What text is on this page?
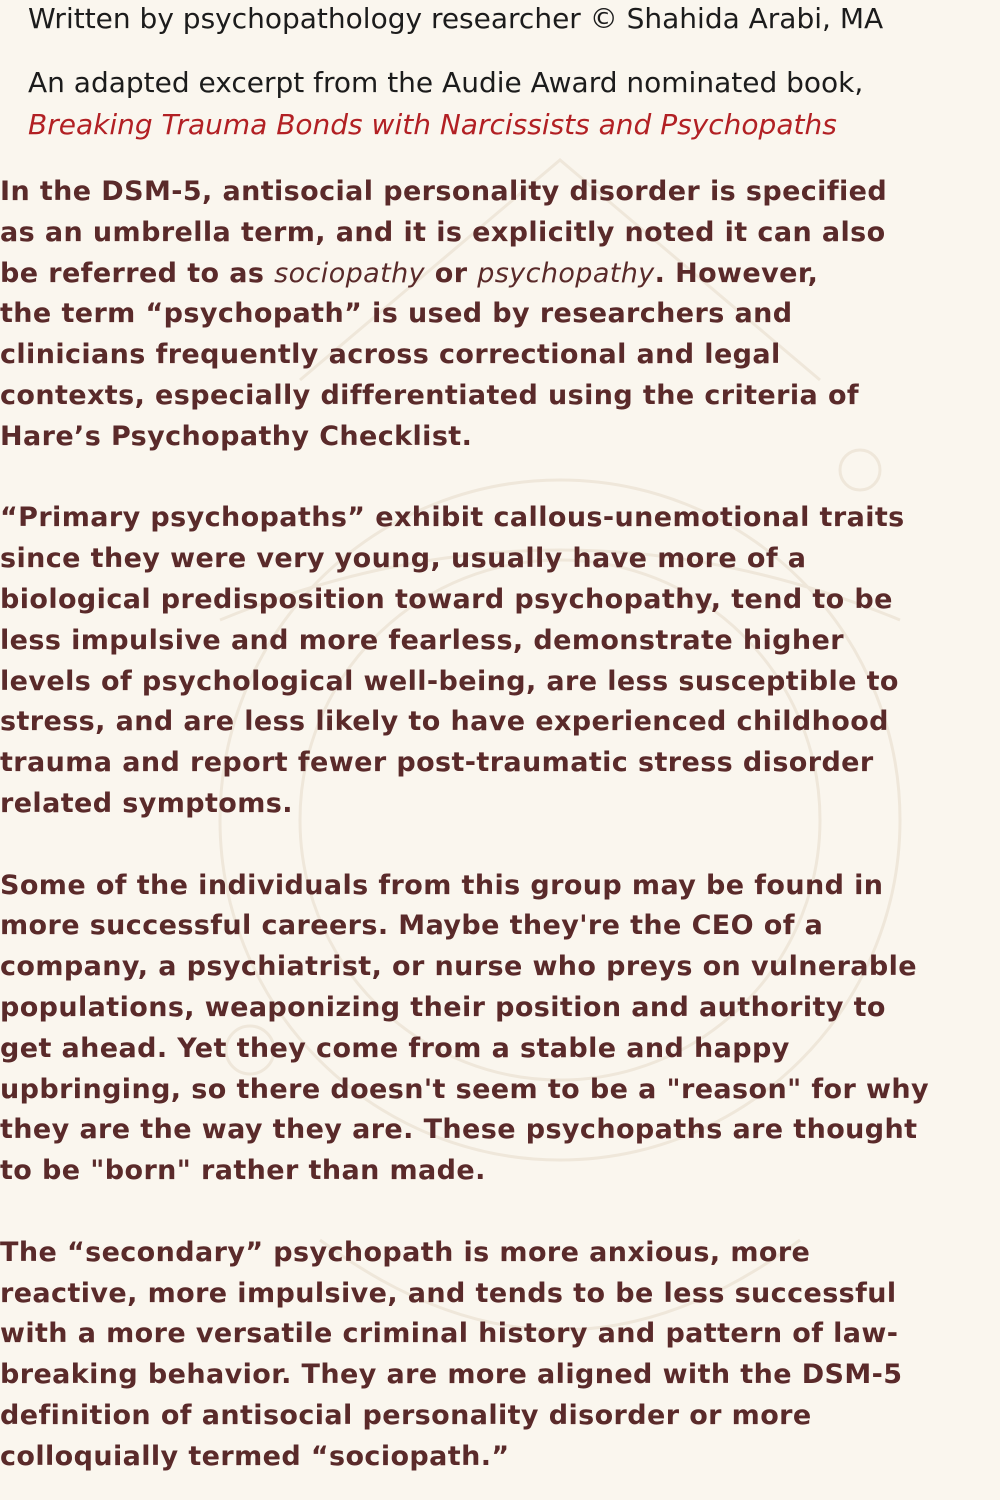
Written by psychopathology researcher © Shahida Arabi, MA

An adapted excerpt from the Audie Award nominated book,

Breaking Trauma Bonds with Narcissists and Psychopaths

In the DSM-5, antisocial personality disorder is specified
as an umbrella term, and it is explicitly noted it can also
be referred to as sociopathy or psychopathy. However,
the term “psychopath” is used by researchers and
clinicians frequently across correctional and legal
contexts, especially differentiated using the criteria of
Hare’s Psychopathy Checklist.

“Primary psychopaths” exhibit callous-unemotional traits
since they were very young, usually have more of a
biological predisposition toward psychopathy, tend to be
less impulsive and more fearless, demonstrate higher
levels of psychological well-being, are less susceptible to
stress, and are less likely to have experienced childhood
trauma and report fewer post-traumatic stress disorder
related symptoms.

Some of the individuals from this group may be found in
more successful careers. Maybe they're the CEO of a
company, a psychiatrist, or nurse who preys on vulnerable
populations, weaponizing their position and authority to
get ahead. Yet they come from a stable and happy
upbringing, so there doesn't seem to be a "reason" for why
they are the way they are. These psychopaths are thought
to be "born" rather than made.

The “secondary” psychopath is more anxious, more
reactive, more impulsive, and tends to be less successful
with a more versatile criminal history and pattern of law-
breaking behavior. They are more aligned with the DSM-5
definition of antisocial personality disorder or more
colloquially termed “sociopath.”
